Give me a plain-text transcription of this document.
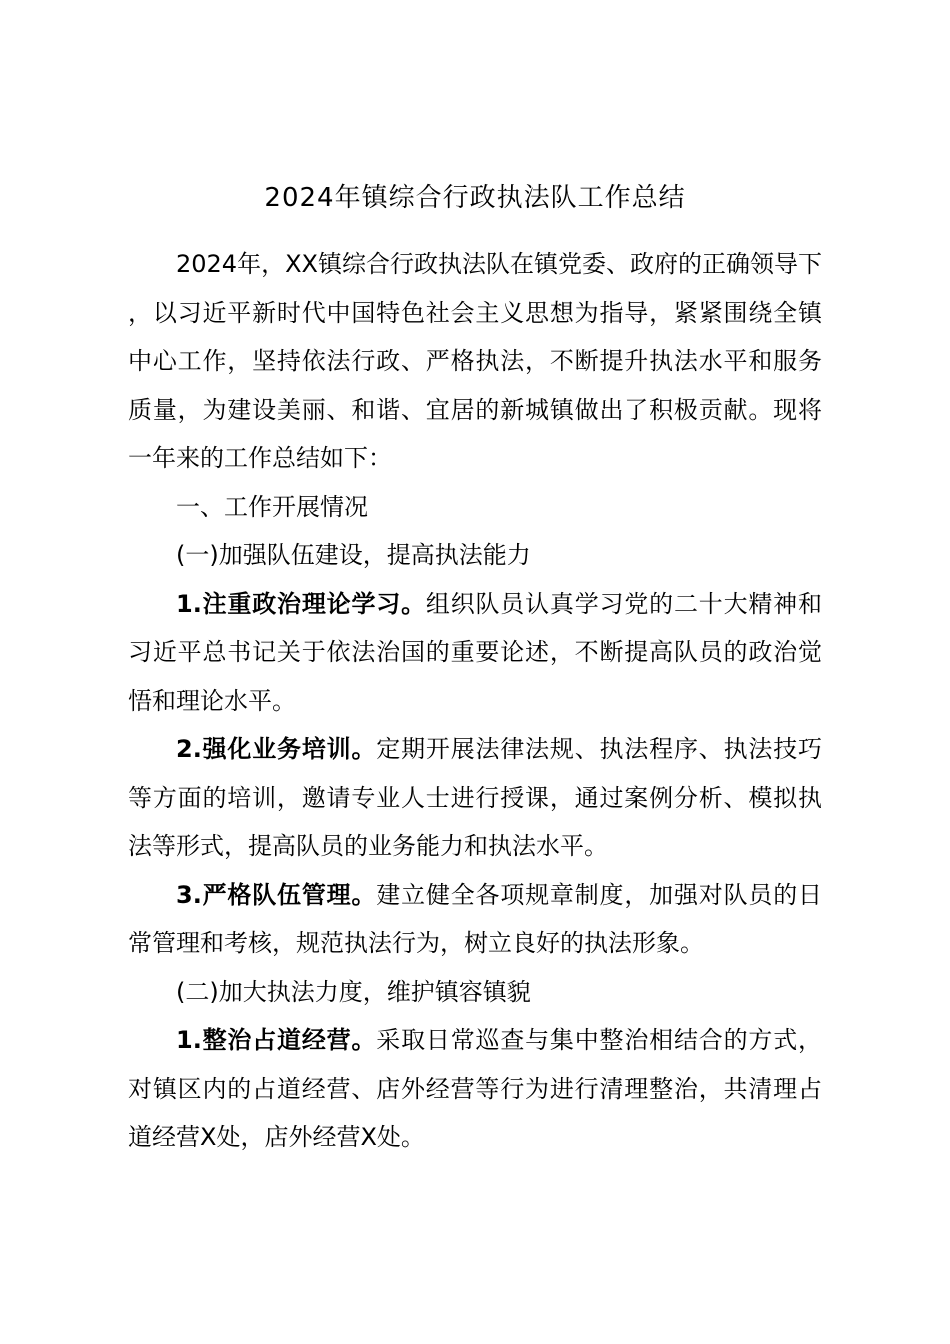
2024年镇综合行政执法队工作总结

2024年，XX镇综合行政执法队在镇党委、政府的正确领导下，以习近平新时代中国特色社会主义思想为指导，紧紧围绕全镇中心工作，坚持依法行政、严格执法，不断提升执法水平和服务质量，为建设美丽、和谐、宜居的新城镇做出了积极贡献。现将一年来的工作总结如下：

一、工作开展情况

(一)加强队伍建设，提高执法能力

1.注重政治理论学习。组织队员认真学习党的二十大精神和习近平总书记关于依法治国的重要论述，不断提高队员的政治觉悟和理论水平。

2.强化业务培训。定期开展法律法规、执法程序、执法技巧等方面的培训，邀请专业人士进行授课，通过案例分析、模拟执法等形式，提高队员的业务能力和执法水平。

3.严格队伍管理。建立健全各项规章制度，加强对队员的日常管理和考核，规范执法行为，树立良好的执法形象。

(二)加大执法力度，维护镇容镇貌

1.整治占道经营。采取日常巡查与集中整治相结合的方式，对镇区内的占道经营、店外经营等行为进行清理整治，共清理占道经营X处，店外经营X处。
